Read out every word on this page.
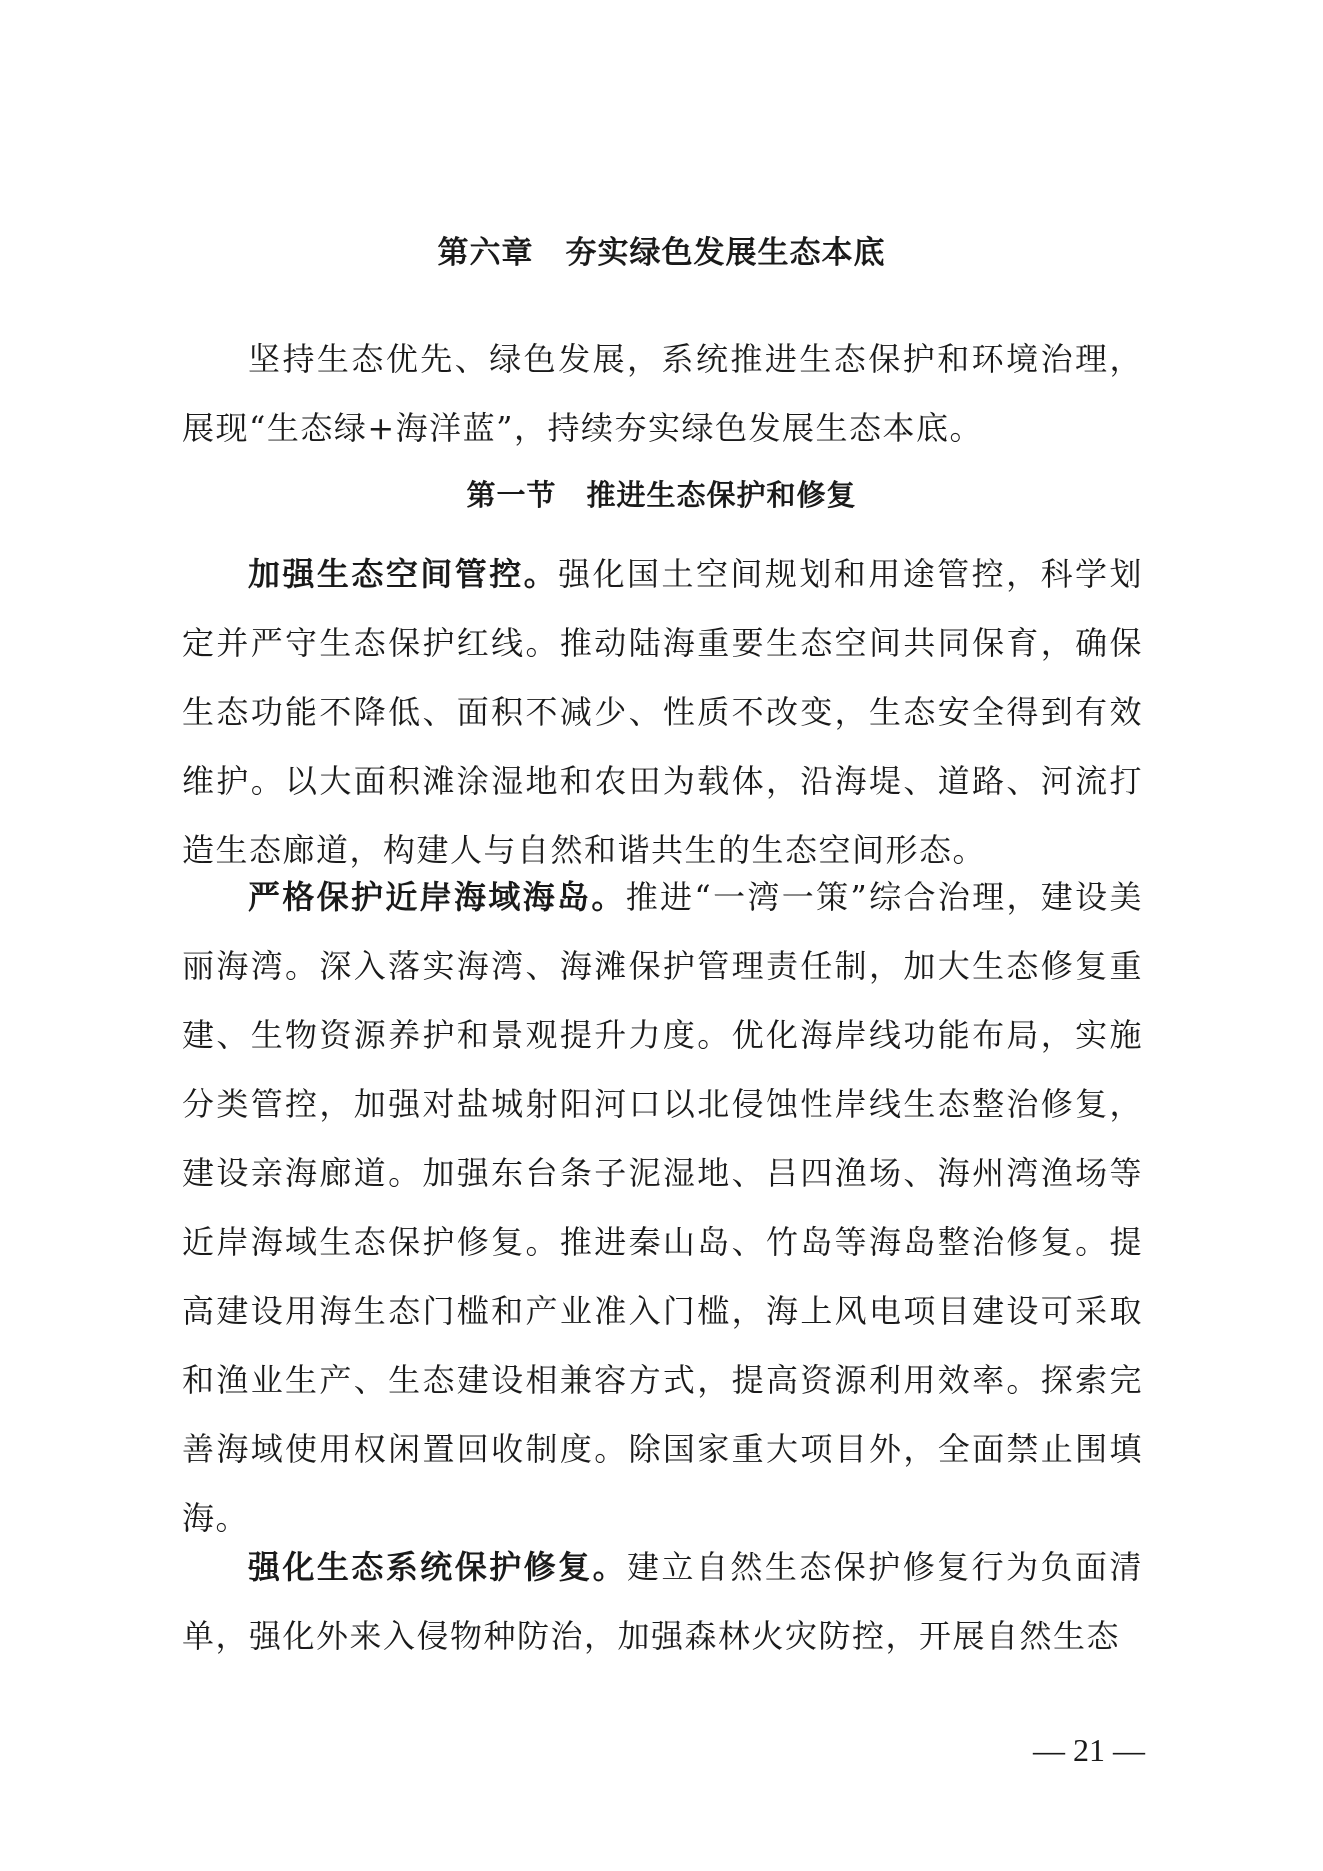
第六章　夯实绿色发展生态本底

坚持生态优先、绿色发展，系统推进生态保护和环境治理，展现“生态绿+海洋蓝”，持续夯实绿色发展生态本底。

第一节　推进生态保护和修复

加强生态空间管控。强化国土空间规划和用途管控，科学划定并严守生态保护红线。推动陆海重要生态空间共同保育，确保生态功能不降低、面积不减少、性质不改变，生态安全得到有效维护。以大面积滩涂湿地和农田为载体，沿海堤、道路、河流打造生态廊道，构建人与自然和谐共生的生态空间形态。

严格保护近岸海域海岛。推进“一湾一策”综合治理，建设美丽海湾。深入落实海湾、海滩保护管理责任制，加大生态修复重建、生物资源养护和景观提升力度。优化海岸线功能布局，实施分类管控，加强对盐城射阳河口以北侵蚀性岸线生态整治修复，建设亲海廊道。加强东台条子泥湿地、吕四渔场、海州湾渔场等近岸海域生态保护修复。推进秦山岛、竹岛等海岛整治修复。提高建设用海生态门槛和产业准入门槛，海上风电项目建设可采取和渔业生产、生态建设相兼容方式，提高资源利用效率。探索完善海域使用权闲置回收制度。除国家重大项目外，全面禁止围填海。

强化生态系统保护修复。建立自然生态保护修复行为负面清单，强化外来入侵物种防治，加强森林火灾防控，开展自然生态

— 21 —
